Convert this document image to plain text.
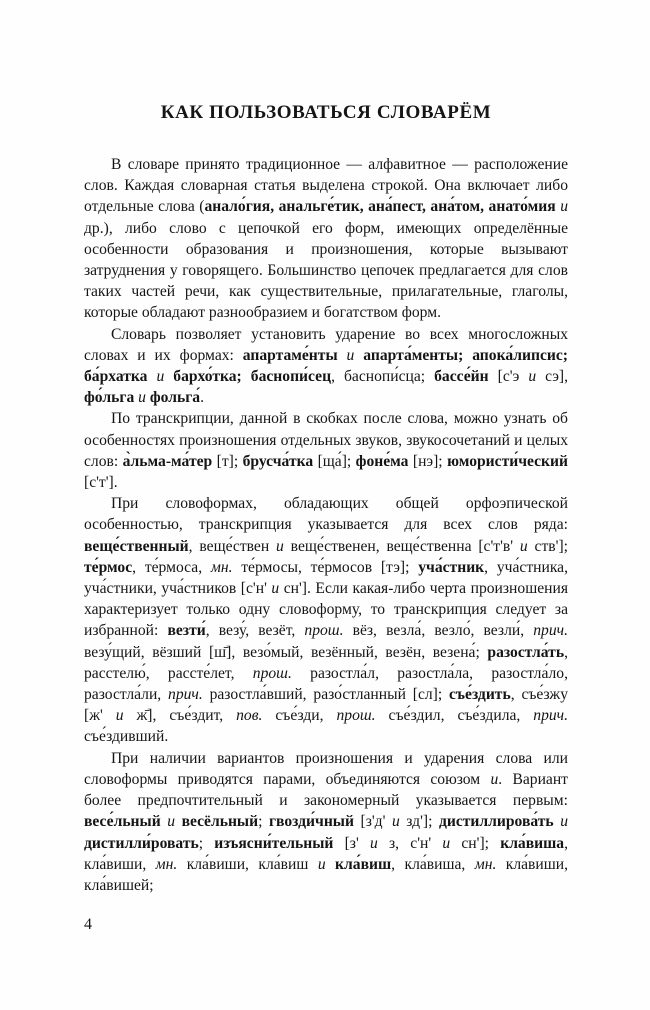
КАК ПОЛЬЗОВАТЬСЯ СЛОВАРЁМ

В словаре принято традиционное — алфавитное — расположение слов. Каждая словарная статья выделена строкой. Она включает либо отдельные слова (анало́гия, анальге́тик, ана́пест, ана́том, анато́мия и др.), либо слово с цепочкой его форм, имеющих определённые особенности образования и произношения, которые вызывают затруднения у говорящего. Большинство цепочек предлагается для слов таких частей речи, как существительные, прилагательные, глаголы, которые обладают разнообразием и богатством форм.

Словарь позволяет установить ударение во всех многосложных словах и их формах: апартаме́нты и апарта́менты; апока́липсис; ба́рхатка и бархо́тка; баснопи́сец, баснопи́сца; бассе́йн [с'э и сэ], фо́льга и фольга́.

По транскрипции, данной в скобках после слова, можно узнать об особенностях произношения отдельных звуков, звукосочетаний и целых слов: а̀льма-ма́тер [т]; брусча́тка [ща́]; фоне́ма [нэ]; юмористи́ческий [с'т'].

При словоформах, обладающих общей орфоэпической особенностью, транскрипция указывается для всех слов ряда: веще́ственный, веще́ствен и веще́ственен, веще́ственна [с'т'в' и ств']; те́рмос, те́рмоса, мн. те́рмосы, те́рмосов [тэ]; уча́стник, уча́стника, уча́стники, уча́стников [с'н' и сн']. Если какая-либо черта произношения характеризует только одну словоформу, то транскрипция следует за избранной: везти́, везу́, везёт, прош. вёз, везла́, везло́, везли́, прич. везу́щий, вёзший [ш̄], везо́мый, везённый, везён, везена́; разостла́ть, расстелю́, рассте́лет, прош. разостла́л, разостла́ла, разостла́ло, разостла́ли, прич. разостла́вший, разо́стланный [сл]; съе́здить, съе́зжу [ж' и ж̄], съе́здит, пов. съе́зди, прош. съе́здил, съе́здила, прич. съе́здивший.

При наличии вариантов произношения и ударения слова или словоформы приводятся парами, объединяются союзом и. Вариант более предпочтительный и закономерный указывается первым: весе́льный и весёльный; гвозди́чный [з'д' и зд']; дистиллирова́ть и дистилли́ровать; изъясни́тельный [з' и з, с'н' и сн']; кла́виша, кла́виши, мн. кла́виши, кла́виш и кла́виш, кла́виша, мн. кла́виши, кла́вишей;

4
